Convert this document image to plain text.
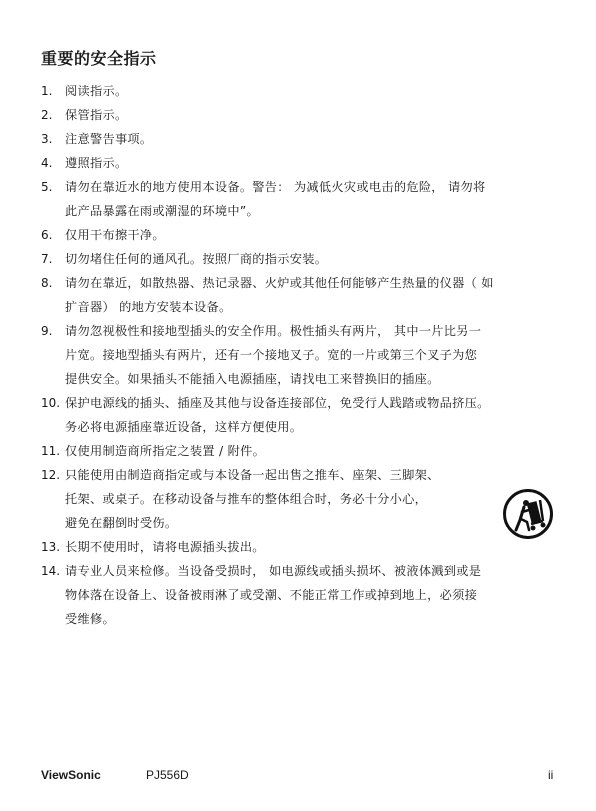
重要的安全指示
1.	阅读指示。
2.	保管指示。
3.	注意警告事项。
4.	遵照指示。
5.	请勿在靠近水的地方使用本设备。警告： 为减低火灾或电击的危险， 请勿将
此产品暴露在雨或潮湿的环境中”。
6.	仅用干布擦干净。
7.	切勿堵住任何的通风孔。按照厂商的指示安装。
8.	请勿在靠近，如散热器、热记录器、火炉或其他任何能够产生热量的仪器（ 如
扩音器） 的地方安装本设备。
9.	请勿忽视极性和接地型插头的安全作用。极性插头有两片， 其中一片比另一
片宽。接地型插头有两片，还有一个接地叉子。宽的一片或第三个叉子为您
提供安全。如果插头不能插入电源插座，请找电工来替换旧的插座。
10. 保护电源线的插头、插座及其他与设备连接部位，免受行人践踏或物品挤压。
务必将电源插座靠近设备，这样方便使用。
11. 仅使用制造商所指定之装置 / 附件。
12. 只能使用由制造商指定或与本设备一起出售之推车、座架、三脚架、
托架、或桌子。在移动设备与推车的整体组合时，务必十分小心，
避免在翻倒时受伤。
13. 长期不使用时，请将电源插头拔出。
14. 请专业人员来检修。当设备受损时， 如电源线或插头损坏、被液体溅到或是
物体落在设备上、设备被雨淋了或受潮、不能正常工作或掉到地上，必须接
受维修。
ViewSonic	PJ556D	ii
